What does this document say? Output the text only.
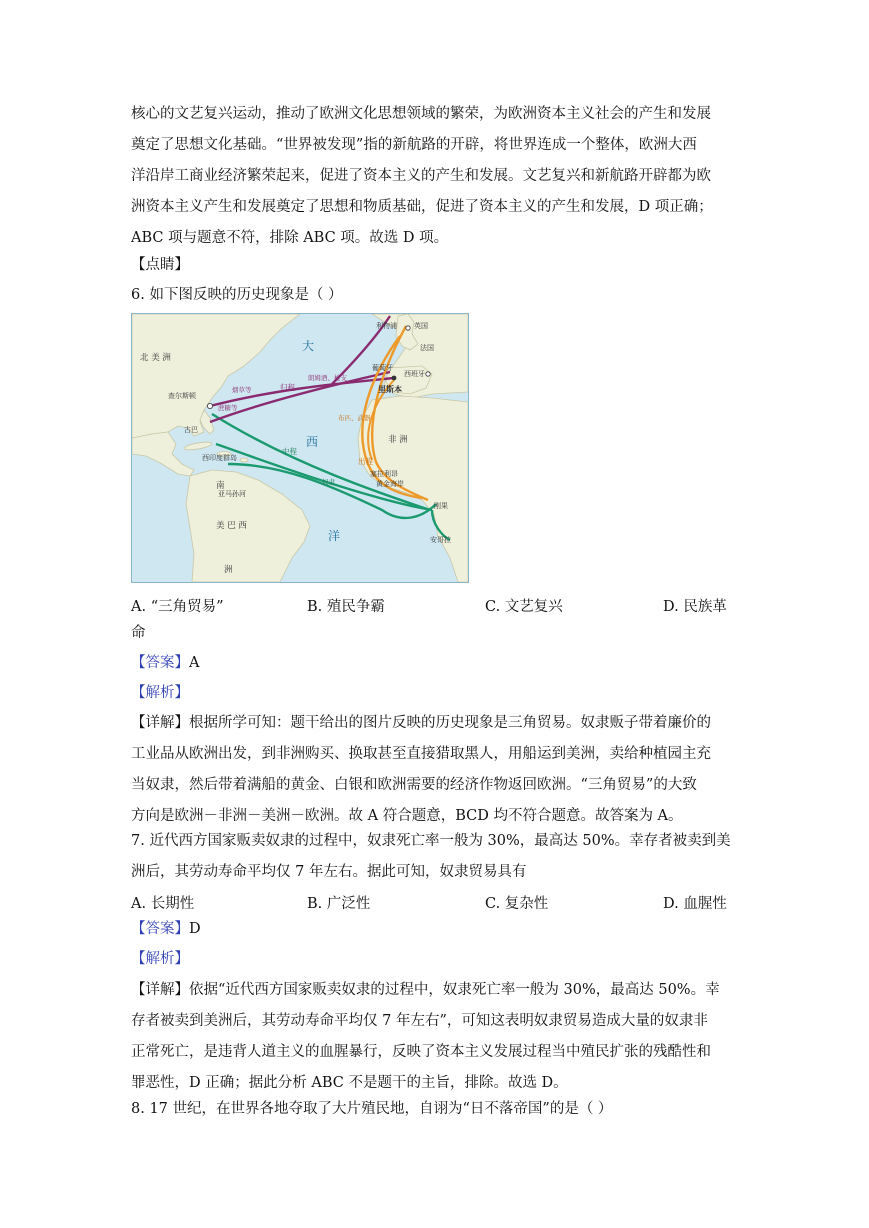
核心的文艺复兴运动，推动了欧洲文化思想领域的繁荣，为欧洲资本主义社会的产生和发展

奠定了思想文化基础。“世界被发现”指的新航路的开辟，将世界连成一个整体，欧洲大西

洋沿岸工商业经济繁荣起来，促进了资本主义的产生和发展。文艺复兴和新航路开辟都为欧

洲资本主义产生和发展奠定了思想和物质基础，促进了资本主义的产生和发展，D 项正确；

ABC 项与题意不符，排除 ABC 项。故选 D 项。

【点睛】
6. 如下图反映的历史现象是（ ）
北 美 洲
大
西
洋
南
美 巴 西
洲
非 洲
英国
利物浦
法国
葡萄牙
西班牙
里斯本
查尔斯顿
古巴
西印度群岛
亚马孙河
塞拉利昂
黄金海岸
刚果
安哥拉
归程
中程
出程
烟草等
蔗糖等
奴隶
朗姆酒、枪支
布匹、武器
A. “三角贸易”	B. 殖民争霸	C. 文艺复兴	D. 民族革
命
【答案】A
【解析】

【详解】根据所学可知：题干给出的图片反映的历史现象是三角贸易。奴隶贩子带着廉价的

工业品从欧洲出发，到非洲购买、换取甚至直接猎取黑人，用船运到美洲，卖给种植园主充

当奴隶，然后带着满船的黄金、白银和欧洲需要的经济作物返回欧洲。“三角贸易”的大致

方向是欧洲－非洲－美洲－欧洲。故 A 符合题意，BCD 均不符合题意。故答案为 A。

7. 近代西方国家贩卖奴隶的过程中，奴隶死亡率一般为 30%，最高达 50%。幸存者被卖到美

洲后，其劳动寿命平均仅 7 年左右。据此可知，奴隶贸易具有

A. 长期性	B. 广泛性	C. 复杂性	D. 血腥性
【答案】D
【解析】

【详解】依据“近代西方国家贩卖奴隶的过程中，奴隶死亡率一般为 30%，最高达 50%。幸

存者被卖到美洲后，其劳动寿命平均仅 7 年左右”，可知这表明奴隶贸易造成大量的奴隶非

正常死亡，是违背人道主义的血腥暴行，反映了资本主义发展过程当中殖民扩张的残酷性和

罪恶性，D 正确；据此分析 ABC 不是题干的主旨，排除。故选 D。

8. 17 世纪，在世界各地夺取了大片殖民地，自诩为“日不落帝国”的是（ ）
